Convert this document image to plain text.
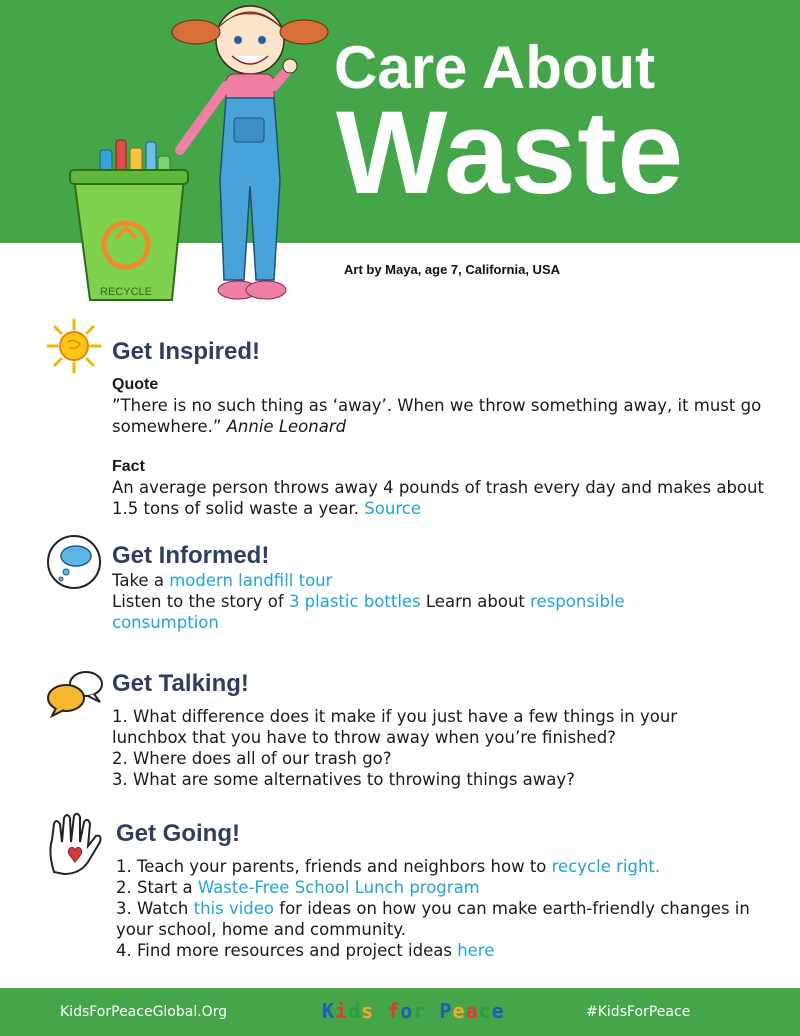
Care About
Waste
RECYCLE
Art by Maya, age 7, California, USA
Get Inspired!
Quote
”There is no such thing as ‘away’. When we throw something away, it must go somewhere.” Annie Leonard
Fact
An average person throws away 4 pounds of trash every day and makes about 1.5 tons of solid waste a year. Source
Get Informed!
Take a modern landfill tour
Listen to the story of 3 plastic bottles Learn about responsible consumption
Get Talking!
1. What difference does it make if you just have a few things in your lunchbox that you have to throw away when you’re finished?
2. Where does all of our trash go?
3. What are some alternatives to throwing things away?
Get Going!
1. Teach your parents, friends and neighbors how to recycle right.
2. Start a Waste-Free School Lunch program
3. Watch this video for ideas on how you can make earth-friendly changes in your school, home and community.
4. Find more resources and project ideas here
KidsForPeaceGlobal.Org	Kids for Peace	#KidsForPeace
